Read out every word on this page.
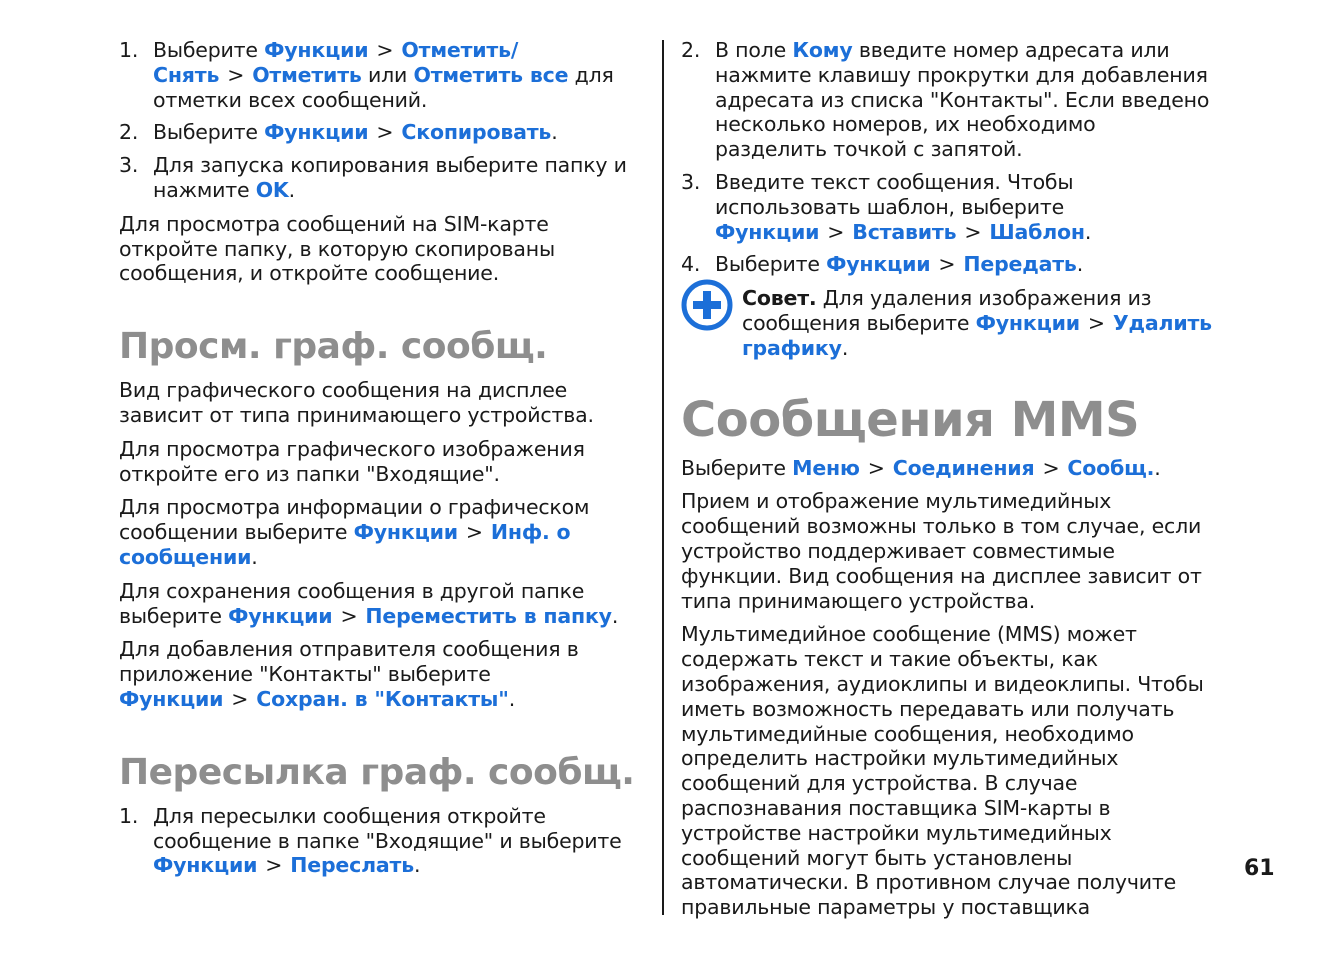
1. Выберите Функции > Отметить/Снять > Отметить или Отметить все для отметки всех сообщений.
2. Выберите Функции > Скопировать.
3. Для запуска копирования выберите папку и нажмите OK.

Для просмотра сообщений на SIM-карте откройте папку, в которую скопированы сообщения, и откройте сообщение.

Просм. граф. сообщ.

Вид графического сообщения на дисплее зависит от типа принимающего устройства.

Для просмотра графического изображения откройте его из папки "Входящие".

Для просмотра информации о графическом сообщении выберите Функции > Инф. о сообщении.

Для сохранения сообщения в другой папке выберите Функции > Переместить в папку.

Для добавления отправителя сообщения в приложение "Контакты" выберите Функции > Сохран. в "Контакты".

Пересылка граф. сообщ.
1. Для пересылки сообщения откройте сообщение в папке "Входящие" и выберите Функции > Переслать.
2. В поле Кому введите номер адресата или нажмите клавишу прокрутки для добавления адресата из списка "Контакты". Если введено несколько номеров, их необходимо разделить точкой с запятой.
3. Введите текст сообщения. Чтобы использовать шаблон, выберите Функции > Вставить > Шаблон.
4. Выберите Функции > Передать.

Совет. Для удаления изображения из сообщения выберите Функции > Удалить графику.

Сообщения MMS

Выберите Меню > Соединения > Сообщ..

Прием и отображение мультимедийных сообщений возможны только в том случае, если устройство поддерживает совместимые функции. Вид сообщения на дисплее зависит от типа принимающего устройства.

Мультимедийное сообщение (MMS) может содержать текст и такие объекты, как изображения, аудиоклипы и видеоклипы. Чтобы иметь возможность передавать или получать мультимедийные сообщения, необходимо определить настройки мультимедийных сообщений для устройства. В случае распознавания поставщика SIM-карты в устройстве настройки мультимедийных сообщений могут быть установлены автоматически. В противном случае получите правильные параметры у поставщика

61
